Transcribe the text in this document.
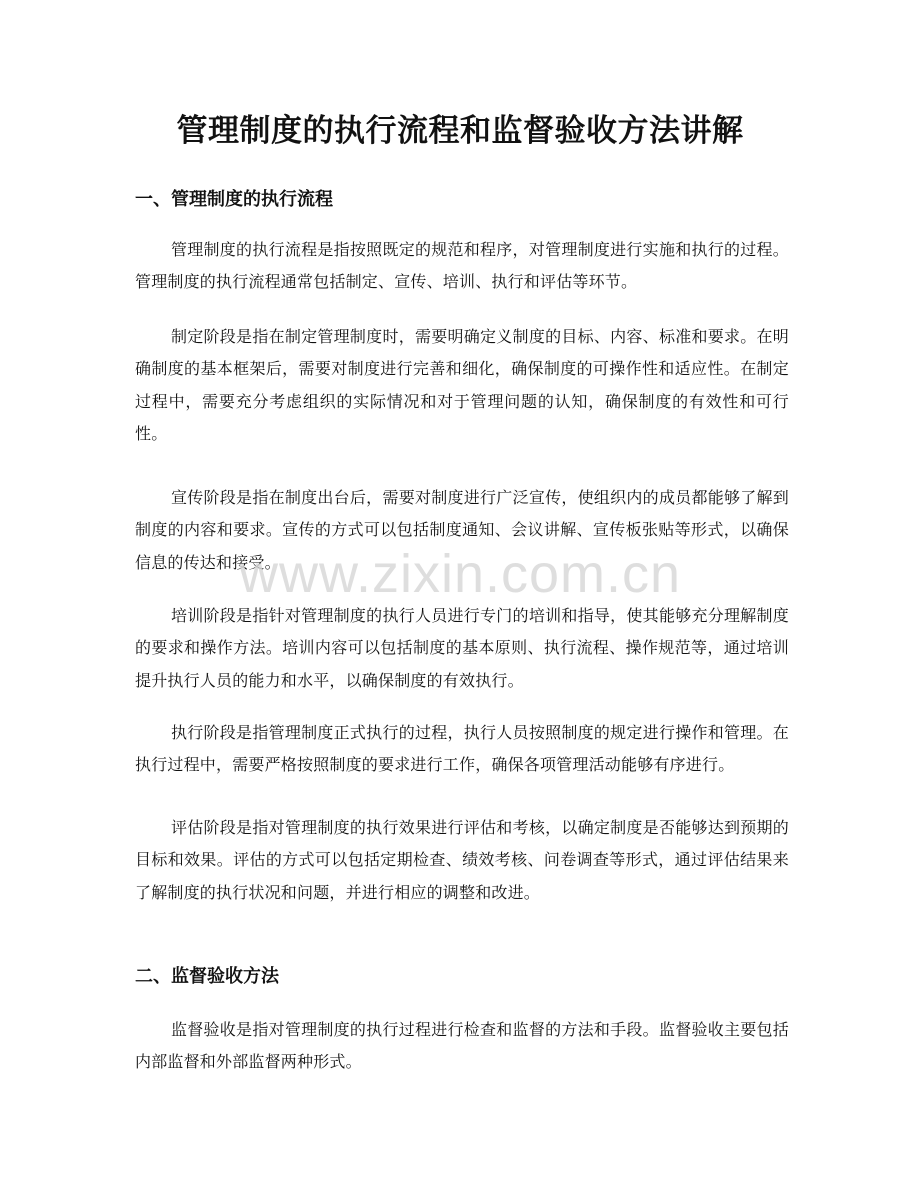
管理制度的执行流程和监督验收方法讲解
一、管理制度的执行流程

管理制度的执行流程是指按照既定的规范和程序，对管理制度进行实施和执行的过程。管理制度的执行流程通常包括制定、宣传、培训、执行和评估等环节。

制定阶段是指在制定管理制度时，需要明确定义制度的目标、内容、标准和要求。在明确制度的基本框架后，需要对制度进行完善和细化，确保制度的可操作性和适应性。在制定过程中，需要充分考虑组织的实际情况和对于管理问题的认知，确保制度的有效性和可行性。

宣传阶段是指在制度出台后，需要对制度进行广泛宣传，使组织内的成员都能够了解到制度的内容和要求。宣传的方式可以包括制度通知、会议讲解、宣传板张贴等形式，以确保信息的传达和接受。

培训阶段是指针对管理制度的执行人员进行专门的培训和指导，使其能够充分理解制度的要求和操作方法。培训内容可以包括制度的基本原则、执行流程、操作规范等，通过培训提升执行人员的能力和水平，以确保制度的有效执行。

执行阶段是指管理制度正式执行的过程，执行人员按照制度的规定进行操作和管理。在执行过程中，需要严格按照制度的要求进行工作，确保各项管理活动能够有序进行。

评估阶段是指对管理制度的执行效果进行评估和考核，以确定制度是否能够达到预期的目标和效果。评估的方式可以包括定期检查、绩效考核、问卷调查等形式，通过评估结果来了解制度的执行状况和问题，并进行相应的调整和改进。

二、监督验收方法

监督验收是指对管理制度的执行过程进行检查和监督的方法和手段。监督验收主要包括内部监督和外部监督两种形式。

www.zixin.com.cn
